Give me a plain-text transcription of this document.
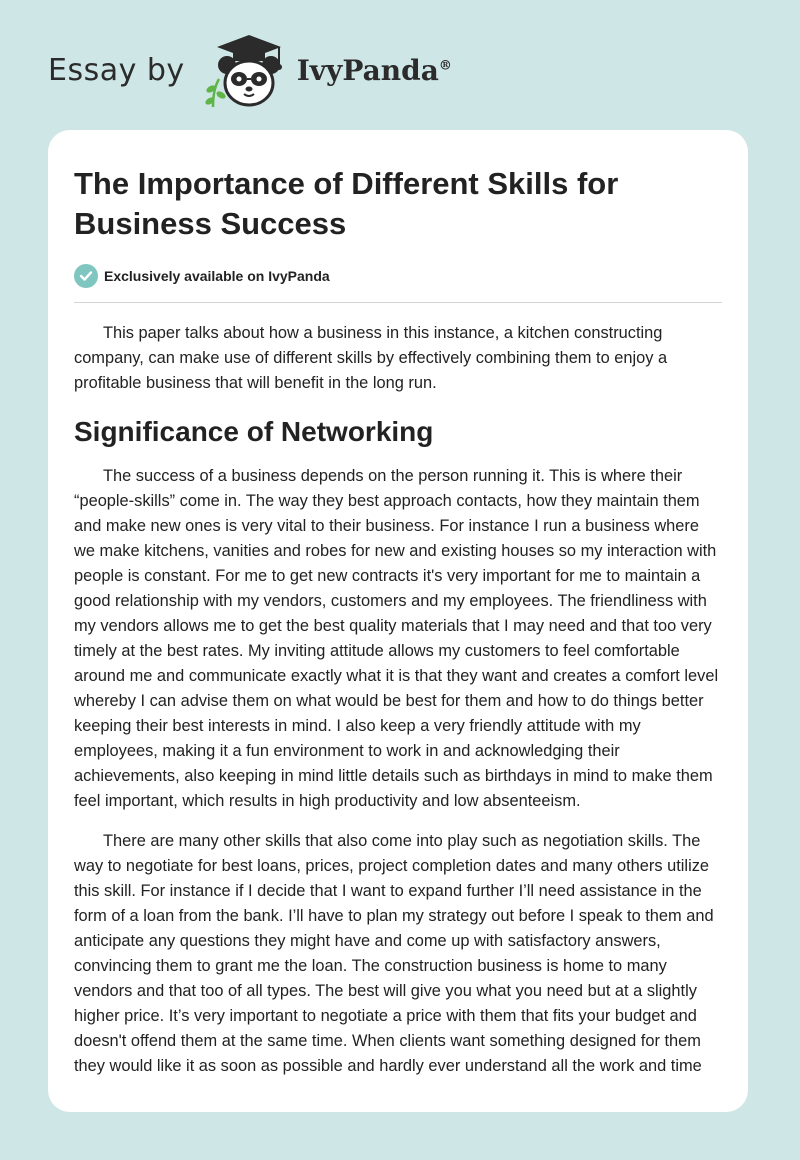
Essay by	IvyPanda®
The Importance of Different Skills for Business Success
Exclusively available on IvyPanda

This paper talks about how a business in this instance, a kitchen constructing company, can make use of different skills by effectively combining them to enjoy a profitable business that will benefit in the long run.

Significance of Networking

The success of a business depends on the person running it. This is where their “people-skills” come in. The way they best approach contacts, how they maintain them and make new ones is very vital to their business. For instance I run a business where we make kitchens, vanities and robes for new and existing houses so my interaction with people is constant. For me to get new contracts it's very important for me to maintain a good relationship with my vendors, customers and my employees. The friendliness with my vendors allows me to get the best quality materials that I may need and that too very timely at the best rates. My inviting attitude allows my customers to feel comfortable around me and communicate exactly what it is that they want and creates a comfort level whereby I can advise them on what would be best for them and how to do things better keeping their best interests in mind. I also keep a very friendly attitude with my employees, making it a fun environment to work in and acknowledging their achievements, also keeping in mind little details such as birthdays in mind to make them feel important, which results in high productivity and low absenteeism.

There are many other skills that also come into play such as negotiation skills. The way to negotiate for best loans, prices, project completion dates and many others utilize this skill. For instance if I decide that I want to expand further I’ll need assistance in the form of a loan from the bank. I’ll have to plan my strategy out before I speak to them and anticipate any questions they might have and come up with satisfactory answers, convincing them to grant me the loan. The construction business is home to many vendors and that too of all types. The best will give you what you need but at a slightly higher price. It’s very important to negotiate a price with them that fits your budget and doesn't offend them at the same time. When clients want something designed for them they would like it as soon as possible and hardly ever understand all the work and time
